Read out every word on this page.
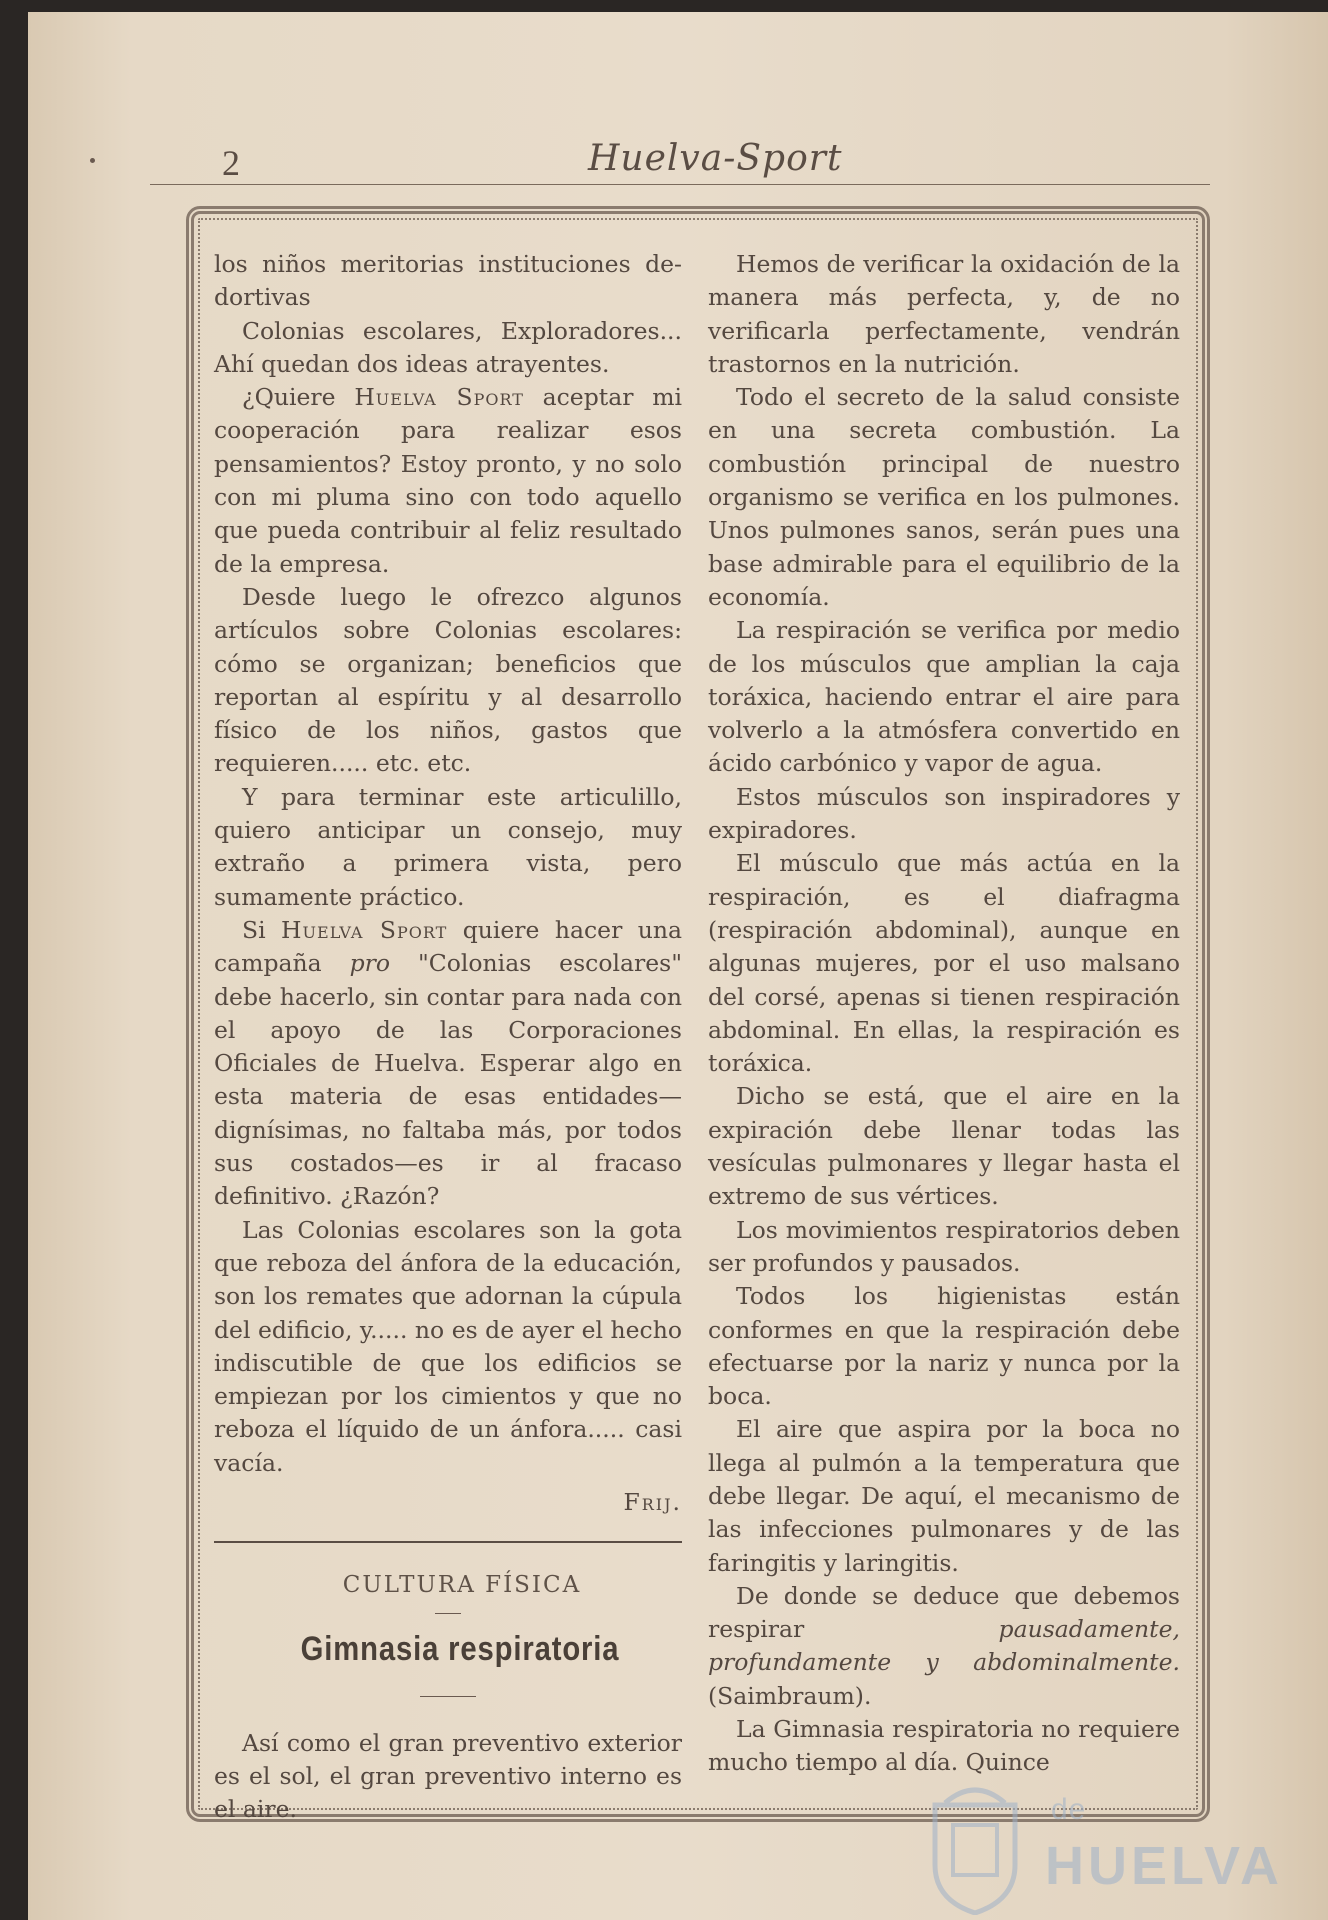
2	Huelva-Sport

los niños meritorias instituciones de-dortivas

Colonias escolares, Exploradores... Ahí quedan dos ideas atrayentes.

¿Quiere Huelva Sport aceptar mi cooperación para realizar esos pensamientos? Estoy pronto, y no solo con mi pluma sino con todo aquello que pueda contribuir al feliz resultado de la empresa.

Desde luego le ofrezco algunos artículos sobre Colonias escolares: cómo se organizan; beneficios que reportan al espíritu y al desarrollo físico de los niños, gastos que requieren..... etc. etc.

Y para terminar este articulillo, quiero anticipar un consejo, muy extraño a primera vista, pero sumamente práctico.

Si Huelva Sport quiere hacer una campaña pro "Colonias escolares" debe hacerlo, sin contar para nada con el apoyo de las Corporaciones Oficiales de Huelva. Esperar algo en esta materia de esas entidades—dignísimas, no faltaba más, por todos sus costados—es ir al fracaso definitivo. ¿Razón?

Las Colonias escolares son la gota que reboza del ánfora de la educación, son los remates que adornan la cúpula del edificio, y..... no es de ayer el hecho indiscutible de que los edificios se empiezan por los cimientos y que no reboza el líquido de un ánfora..... casi vacía.

Frij.

CULTURA FÍSICA

Gimnasia respiratoria

Así como el gran preventivo exterior es el sol, el gran preventivo interno es el aire.

Hemos de verificar la oxidación de la manera más perfecta, y, de no verificarla perfectamente, vendrán trastornos en la nutrición.

Todo el secreto de la salud consiste en una secreta combustión. La combustión principal de nuestro organismo se verifica en los pulmones. Unos pulmones sanos, serán pues una base admirable para el equilibrio de la economía.

La respiración se verifica por medio de los músculos que amplian la caja toráxica, haciendo entrar el aire para volverlo a la atmósfera convertido en ácido carbónico y vapor de agua.

Estos músculos son inspiradores y expiradores.

El músculo que más actúa en la respiración, es el diafragma (respiración abdominal), aunque en algunas mujeres, por el uso malsano del corsé, apenas si tienen respiración abdominal. En ellas, la respiración es toráxica.

Dicho se está, que el aire en la expiración debe llenar todas las vesículas pulmonares y llegar hasta el extremo de sus vértices.

Los movimientos respiratorios deben ser profundos y pausados.

Todos los higienistas están conformes en que la respiración debe efectuarse por la nariz y nunca por la boca.

El aire que aspira por la boca no llega al pulmón a la temperatura que debe llegar. De aquí, el mecanismo de las infecciones pulmonares y de las faringitis y laringitis.

De donde se deduce que debemos respirar pausadamente, profundamente y abdominalmente. (Saimbraum).

La Gimnasia respiratoria no requiere mucho tiempo al día. Quince

de
HUELVA
